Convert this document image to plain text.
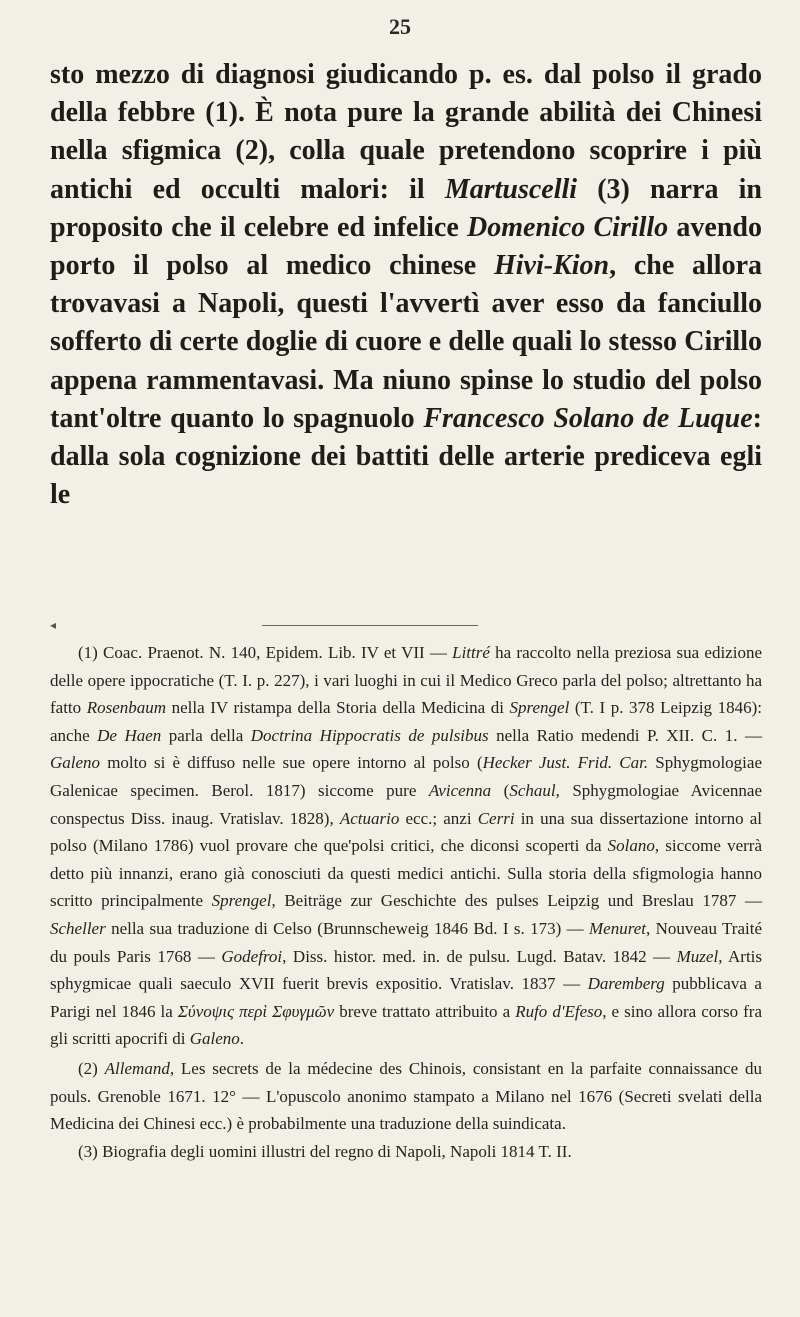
25

sto mezzo di diagnosi giudicando p. es. dal polso il grado della febbre (1). È nota pure la grande abilità dei Chinesi nella sfigmica (2), colla quale pretendono scoprire i più antichi ed occulti malori: il Martuscelli (3) narra in proposito che il celebre ed infelice Domenico Cirillo avendo porto il polso al medico chinese Hivi-Kion, che allora trovavasi a Napoli, questi l'avvertì aver esso da fanciullo sofferto di certe doglie di cuore e delle quali lo stesso Cirillo appena rammentavasi. Ma niuno spinse lo studio del polso tant'oltre quanto lo spagnuolo Francesco Solano de Luque: dalla sola cognizione dei battiti delle arterie prediceva egli le

◂

(1) Coac. Praenot. N. 140, Epidem. Lib. IV et VII — Littré ha raccolto nella preziosa sua edizione delle opere ippocratiche (T. I. p. 227), i vari luoghi in cui il Medico Greco parla del polso; altrettanto ha fatto Rosenbaum nella IV ristampa della Storia della Medicina di Sprengel (T. I p. 378 Leipzig 1846): anche De Haen parla della Doctrina Hippocratis de pulsibus nella Ratio medendi P. XII. C. 1. — Galeno molto si è diffuso nelle sue opere intorno al polso (Hecker Just. Frid. Car. Sphygmologiae Galenicae specimen. Berol. 1817) siccome pure Avicenna (Schaul, Sphygmologiae Avicennae conspectus Diss. inaug. Vratislav. 1828), Actuario ecc.; anzi Cerri in una sua dissertazione intorno al polso (Milano 1786) vuol provare che que'polsi critici, che diconsi scoperti da Solano, siccome verrà detto più innanzi, erano già conosciuti da questi medici antichi. Sulla storia della sfigmologia hanno scritto principalmente Sprengel, Beiträge zur Geschichte des pulses Leipzig und Breslau 1787 — Scheller nella sua traduzione di Celso (Brunnscheweig 1846 Bd. I s. 173) — Menuret, Nouveau Traité du pouls Paris 1768 — Godefroi, Diss. histor. med. in. de pulsu. Lugd. Batav. 1842 — Muzel, Artis sphygmicae quali saeculo XVII fuerit brevis expositio. Vratislav. 1837 — Daremberg pubblicava a Parigi nel 1846 la Σύνοψις περὶ Σφυγμῶν breve trattato attribuito a Rufo d'Efeso, e sino allora corso fra gli scritti apocrifi di Galeno.

(2) Allemand, Les secrets de la médecine des Chinois, consistant en la parfaite connaissance du pouls. Grenoble 1671. 12° — L'opuscolo anonimo stampato a Milano nel 1676 (Secreti svelati della Medicina dei Chinesi ecc.) è probabilmente una traduzione della suindicata.

(3) Biografia degli uomini illustri del regno di Napoli, Napoli 1814 T. II.
